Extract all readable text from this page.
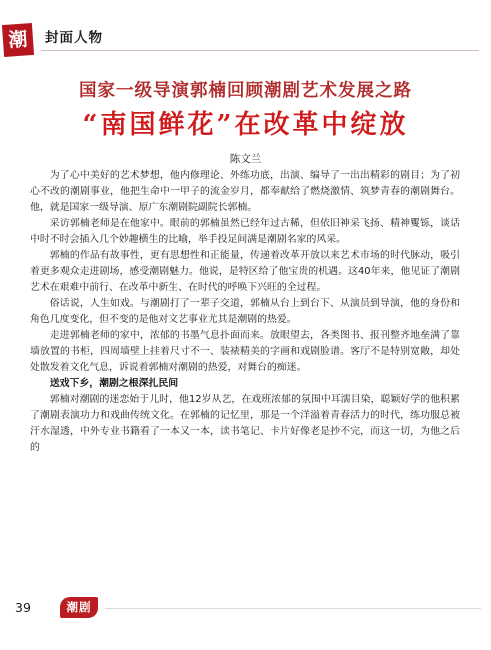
潮	封面人物
国家一级导演郭楠回顾潮剧艺术发展之路
“南国鲜花”在改革中绽放
陈文兰

为了心中美好的艺术梦想，他内修理论、外练功底，出演、编导了一出出精彩的剧目；为了初心不改的潮剧事业，他把生命中一甲子的流金岁月，都奉献给了燃烧激情、筑梦青春的潮剧舞台。他，就是国家一级导演、原广东潮剧院副院长郭楠。

采访郭楠老师是在他家中。眼前的郭楠虽然已经年过古稀，但依旧神采飞扬、精神矍铄，谈话中时不时会插入几个妙趣横生的比喻，举手投足间满是潮剧名家的风采。

郭楠的作品有故事性，更有思想性和正能量，传递着改革开放以来艺术市场的时代脉动，吸引着更多观众走进剧场，感受潮剧魅力。他说，是特区给了他宝贵的机遇。这40年来，他见证了潮剧艺术在艰难中前行、在改革中新生、在时代的呼唤下兴旺的全过程。

俗话说，人生如戏。与潮剧打了一辈子交道，郭楠从台上到台下、从演员到导演，他的身份和角色几度变化，但不变的是他对文艺事业尤其是潮剧的热爱。

走进郭楠老师的家中，浓郁的书墨气息扑面而来。放眼望去，各类图书、报刊整齐地垒满了靠墙放置的书柜，四周墙壁上挂着尺寸不一、装裱精美的字画和戏剧脸谱。客厅不是特别宽敞，却处处散发着文化气息，诉说着郭楠对潮剧的热爱，对舞台的痴迷。

送戏下乡，潮剧之根深扎民间

郭楠对潮剧的迷恋始于儿时，他12岁从艺，在戏班浓郁的氛围中耳濡目染，聪颖好学的他积累了潮剧表演功力和戏曲传统文化。在郭楠的记忆里，那是一个洋溢着青春活力的时代，练功服总被汗水湿透，中外专业书籍看了一本又一本，读书笔记、卡片好像老是抄不完，而这一切，为他之后的

39	潮剧
